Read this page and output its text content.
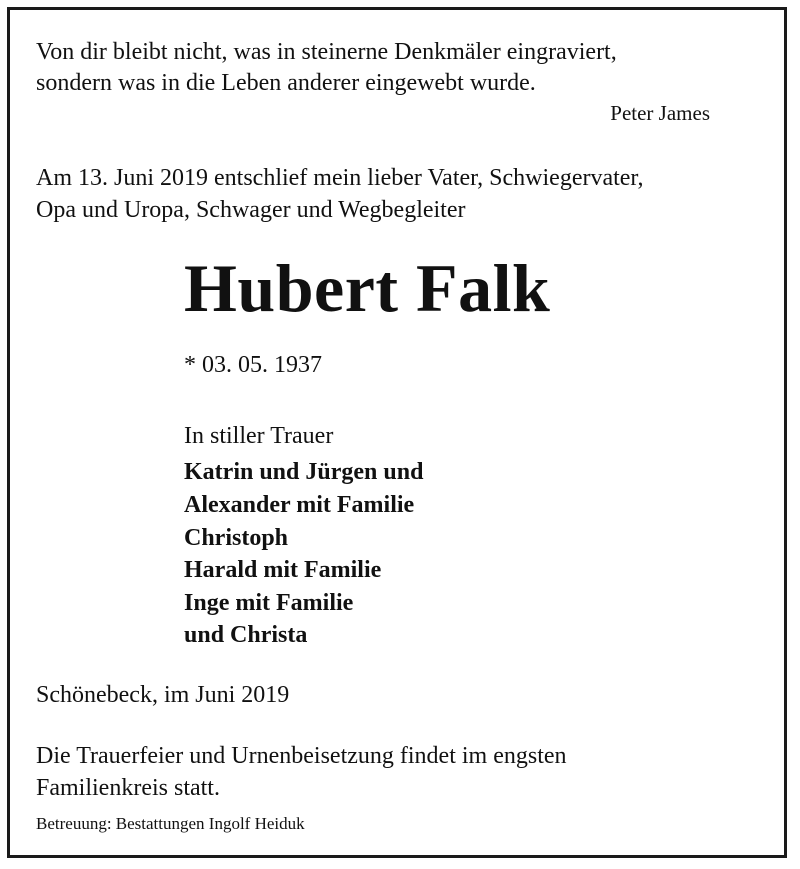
Von dir bleibt nicht, was in steinerne Denkmäler eingraviert,
sondern was in die Leben anderer eingewebt wurde.
Peter James
Am 13. Juni 2019 entschlief mein lieber Vater, Schwiegervater,
Opa und Uropa, Schwager und Wegbegleiter
Hubert Falk
* 03. 05. 1937
In stiller Trauer
Katrin und Jürgen und
Alexander mit Familie
Christoph
Harald mit Familie
Inge mit Familie
und Christa
Schönebeck, im Juni 2019
Die Trauerfeier und Urnenbeisetzung findet im engsten
Familienkreis statt.
Betreuung: Bestattungen Ingolf Heiduk
